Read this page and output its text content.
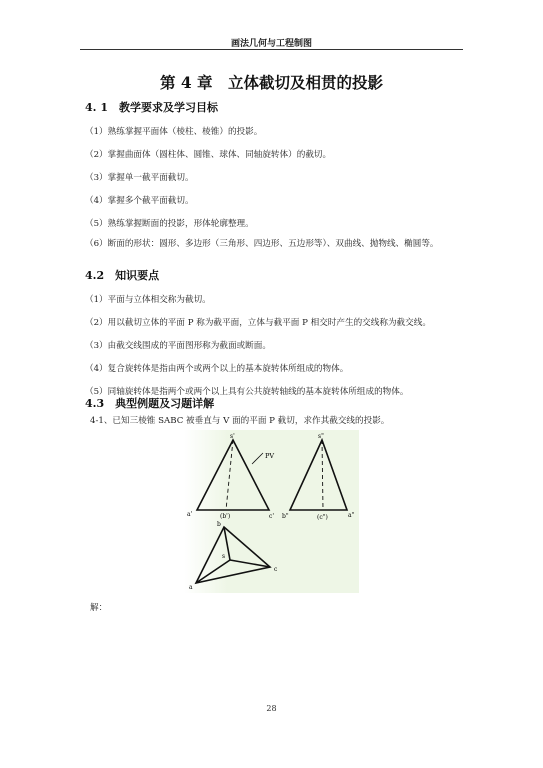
画法几何与工程制图
第 4 章　立体截切及相贯的投影
4. 1　教学要求及学习目标
（1）熟练掌握平面体（棱柱、棱锥）的投影。
（2）掌握曲面体（圆柱体、圆锥、球体、同轴旋转体）的截切。
（3）掌握单一截平面截切。
（4）掌握多个截平面截切。
（5）熟练掌握断面的投影，形体轮廓整理。
（6）断面的形状：圆形、多边形（三角形、四边形、五边形等）、双曲线、抛物线、椭圆等。
4.2　知识要点
（1）平面与立体相交称为截切。
（2）用以截切立体的平面 P 称为截平面，立体与截平面 P 相交时产生的交线称为截交线。
（3）由截交线围成的平面图形称为截面或断面。
（4）复合旋转体是指由两个或两个以上的基本旋转体所组成的物体。
（5）同轴旋转体是指两个或两个以上具有公共旋转轴线的基本旋转体所组成的物体。
4.3　典型例题及习题详解
4-1、已知三棱锥 SABC 被垂直与 V 面的平面 P 截切，求作其截交线的投影。
s'
PV
a'	(b')	c'
s"
b"	(c")	a"
b
s
c
a
解：
28
